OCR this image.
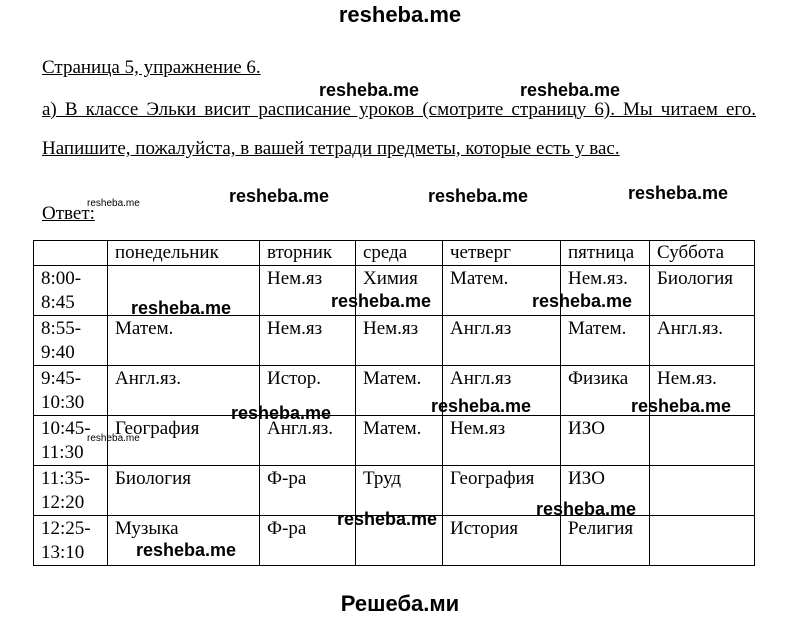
resheba.me
Страница 5, упражнение 6.
а) В классе Эльки висит расписание уроков (смотрите страницу 6). Мы читаем его. Напишите, пожалуйста, в вашей тетради предметы, которые есть у вас.
Ответ:
	понедельник	вторник	среда	четверг	пятница	Суббота
8:00-
8:45		Нем.яз	Химия	Матем.	Нем.яз.	Биология
8:55-
9:40	Матем.	Нем.яз	Нем.яз	Англ.яз	Матем.	Англ.яз.
9:45-
10:30	Англ.яз.	Истор.	Матем.	Англ.яз	Физика	Нем.яз.
10:45-
11:30	География	Англ.яз.	Матем.	Нем.яз	ИЗО	
11:35-
12:20	Биология	Ф-ра	Труд	География	ИЗО	
12:25-
13:10	Музыка	Ф-ра		История	Религия	
resheba.me	resheba.me
resheba.me	resheba.me	resheba.me	resheba.me
resheba.me	resheba.me
resheba.me
resheba.me	resheba.me
resheba.me
resheba.me
resheba.me
resheba.me
resheba.me
Решеба.ми
